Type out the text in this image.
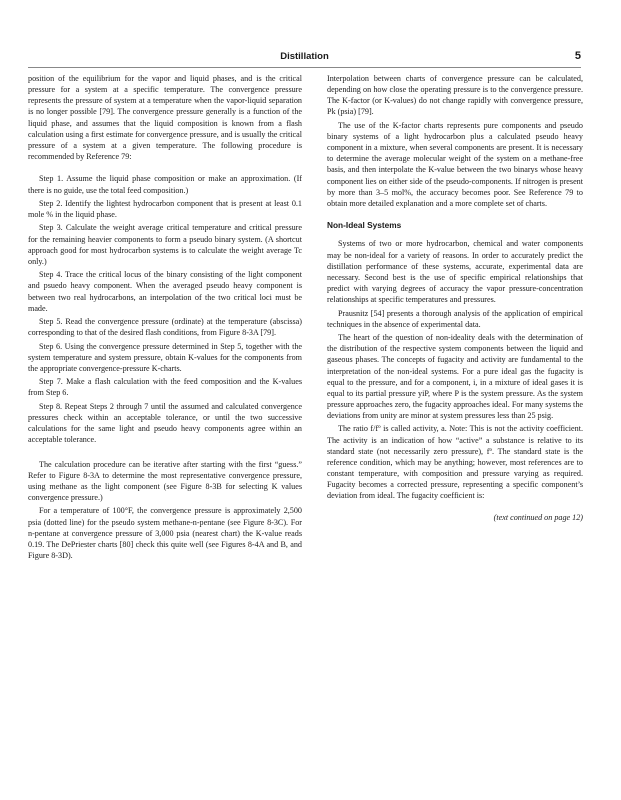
Distillation	5

position of the equilibrium for the vapor and liquid phases, and is the critical pressure for a system at a specific temperature. The convergence pressure represents the pressure of system at a temperature when the vapor-liquid separation is no longer possible [79]. The convergence pressure generally is a function of the liquid phase, and assumes that the liquid composition is known from a flash calculation using a first estimate for convergence pressure, and is usually the critical pressure of a system at a given temperature. The following procedure is recommended by Reference 79:

Step 1. Assume the liquid phase composition or make an approximation. (If there is no guide, use the total feed composition.)

Step 2. Identify the lightest hydrocarbon component that is present at least 0.1 mole % in the liquid phase.

Step 3. Calculate the weight average critical temperature and critical pressure for the remaining heavier components to form a pseudo binary system. (A shortcut approach good for most hydrocarbon systems is to calculate the weight average Tc only.)

Step 4. Trace the critical locus of the binary consisting of the light component and psuedo heavy component. When the averaged pseudo heavy component is between two real hydrocarbons, an interpolation of the two critical loci must be made.

Step 5. Read the convergence pressure (ordinate) at the temperature (abscissa) corresponding to that of the desired flash conditions, from Figure 8-3A [79].

Step 6. Using the convergence pressure determined in Step 5, together with the system temperature and system pressure, obtain K-values for the components from the appropriate convergence-pressure K-charts.

Step 7. Make a flash calculation with the feed composition and the K-values from Step 6.

Step 8. Repeat Steps 2 through 7 until the assumed and calculated convergence pressures check within an acceptable tolerance, or until the two successive calculations for the same light and pseudo heavy components agree within an acceptable tolerance.

The calculation procedure can be iterative after starting with the first “guess.” Refer to Figure 8-3A to determine the most representative convergence pressure, using methane as the light component (see Figure 8-3B for selecting K values convergence pressure.)

For a temperature of 100°F, the convergence pressure is approximately 2,500 psia (dotted line) for the pseudo system methane-n-pentane (see Figure 8-3C). For n-pentane at convergence pressure of 3,000 psia (nearest chart) the K-value reads 0.19. The DePriester charts [80] check this quite well (see Figures 8-4A and B, and Figure 8-3D).

Interpolation between charts of convergence pressure can be calculated, depending on how close the operating pressure is to the convergence pressure. The K-factor (or K-values) do not change rapidly with convergence pressure, Pk (psia) [79].

The use of the K-factor charts represents pure components and pseudo binary systems of a light hydrocarbon plus a calculated pseudo heavy component in a mixture, when several components are present. It is necessary to determine the average molecular weight of the system on a methane-free basis, and then interpolate the K-value between the two binarys whose heavy component lies on either side of the pseudo-components. If nitrogen is present by more than 3–5 mol%, the accuracy becomes poor. See Reference 79 to obtain more detailed explanation and a more complete set of charts.

Non-Ideal Systems

Systems of two or more hydrocarbon, chemical and water components may be non-ideal for a variety of reasons. In order to accurately predict the distillation performance of these systems, accurate, experimental data are necessary. Second best is the use of specific empirical relationships that predict with varying degrees of accuracy the vapor pressure-concentration relationships at specific temperatures and pressures.

Prausnitz [54] presents a thorough analysis of the application of empirical techniques in the absence of experimental data.

The heart of the question of non-ideality deals with the determination of the distribution of the respective system components between the liquid and gaseous phases. The concepts of fugacity and activity are fundamental to the interpretation of the non-ideal systems. For a pure ideal gas the fugacity is equal to the pressure, and for a component, i, in a mixture of ideal gases it is equal to its partial pressure yiP, where P is the system pressure. As the system pressure approaches zero, the fugacity approaches ideal. For many systems the deviations from unity are minor at system pressures less than 25 psig.

The ratio f/fº is called activity, a. Note: This is not the activity coefficient. The activity is an indication of how “active” a substance is relative to its standard state (not necessarily zero pressure), fº. The standard state is the reference condition, which may be anything; however, most references are to constant temperature, with composition and pressure varying as required. Fugacity becomes a corrected pressure, representing a specific component’s deviation from ideal. The fugacity coefficient is:

(text continued on page 12)
